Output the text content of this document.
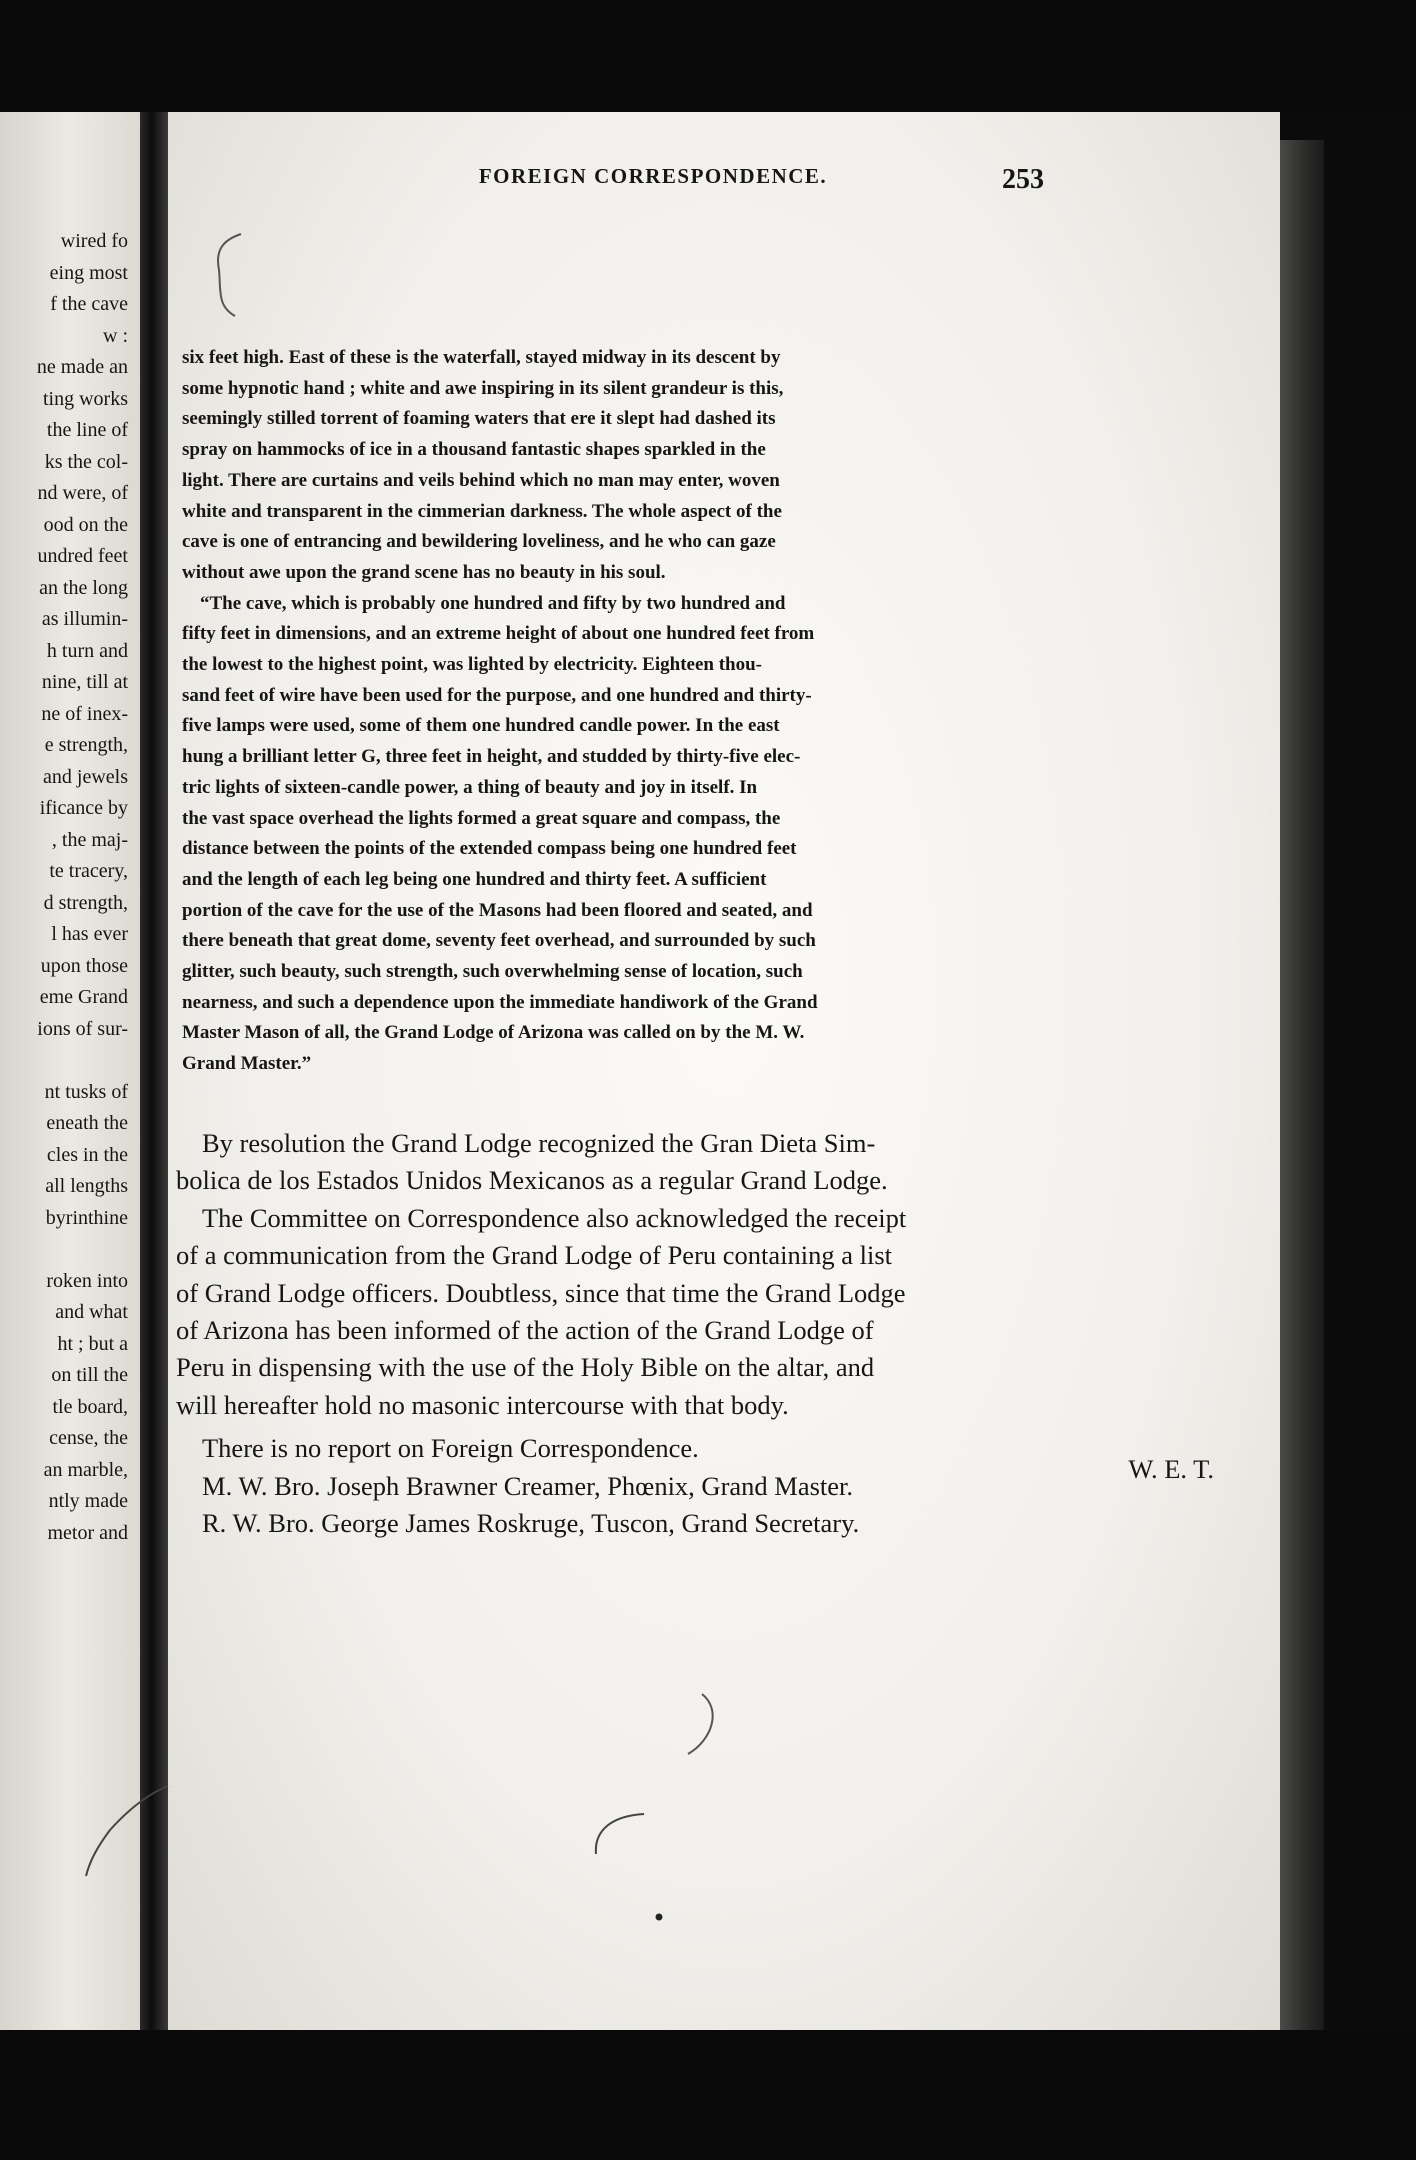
wired fo
eing most
f the cave
w :
ne made an
ting works
the line of
ks the col-
nd were, of
ood on the
undred feet
an the long
as illumin-
h turn and
nine, till at
ne of inex-
e strength,
and jewels
ificance by
, the maj-
te tracery,
d strength,
l has ever
upon those
eme Grand
ions of sur-
nt tusks of
eneath the
cles in the
all lengths
byrinthine
roken into
and what
ht ; but a
on till the
tle board,
cense, the
an marble,
ntly made
metor and
FOREIGN CORRESPONDENCE.	253
six feet high. East of these is the waterfall, stayed midway in its descent by
some hypnotic hand ; white and awe inspiring in its silent grandeur is this,
seemingly stilled torrent of foaming waters that ere it slept had dashed its
spray on hammocks of ice in a thousand fantastic shapes sparkled in the
light. There are curtains and veils behind which no man may enter, woven
white and transparent in the cimmerian darkness. The whole aspect of the
cave is one of entrancing and bewildering loveliness, and he who can gaze
without awe upon the grand scene has no beauty in his soul.
“The cave, which is probably one hundred and fifty by two hundred and
fifty feet in dimensions, and an extreme height of about one hundred feet from
the lowest to the highest point, was lighted by electricity. Eighteen thou-
sand feet of wire have been used for the purpose, and one hundred and thirty-
five lamps were used, some of them one hundred candle power. In the east
hung a brilliant letter G, three feet in height, and studded by thirty-five elec-
tric lights of sixteen-candle power, a thing of beauty and joy in itself. In
the vast space overhead the lights formed a great square and compass, the
distance between the points of the extended compass being one hundred feet
and the length of each leg being one hundred and thirty feet. A sufficient
portion of the cave for the use of the Masons had been floored and seated, and
there beneath that great dome, seventy feet overhead, and surrounded by such
glitter, such beauty, such strength, such overwhelming sense of location, such
nearness, and such a dependence upon the immediate handiwork of the Grand
Master Mason of all, the Grand Lodge of Arizona was called on by the M. W.
Grand Master.”
By resolution the Grand Lodge recognized the Gran Dieta Sim-
bolica de los Estados Unidos Mexicanos as a regular Grand Lodge.
The Committee on Correspondence also acknowledged the receipt
of a communication from the Grand Lodge of Peru containing a list
of Grand Lodge officers. Doubtless, since that time the Grand Lodge
of Arizona has been informed of the action of the Grand Lodge of
Peru in dispensing with the use of the Holy Bible on the altar, and
will hereafter hold no masonic intercourse with that body.
There is no report on Foreign Correspondence.
M. W. Bro. Joseph Brawner Creamer, Phœnix, Grand Master.
R. W. Bro. George James Roskruge, Tuscon, Grand Secretary.
W. E. T.
